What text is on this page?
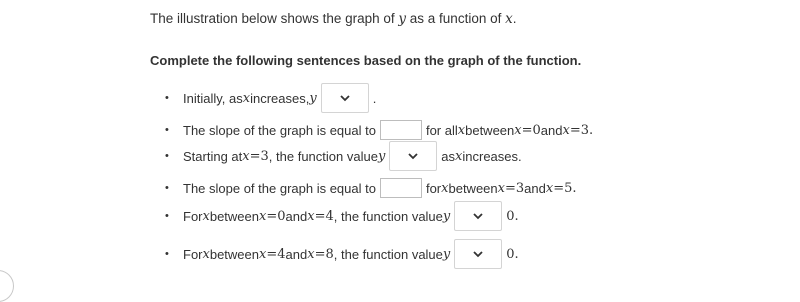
The illustration below shows the graph of y as a function of x.
Complete the following sentences based on the graph of the function.
•	Initially, as x increases, y	.
•	The slope of the graph is equal to	for all x between x = 0 and x = 3 .
•	Starting at x = 3 , the function value y	as x increases.
•	The slope of the graph is equal to	for x between x = 3 and x = 5 .
•	For x between x = 0 and x = 4 , the function value y	0.
•	For x between x = 4 and x = 8 , the function value y	0.
